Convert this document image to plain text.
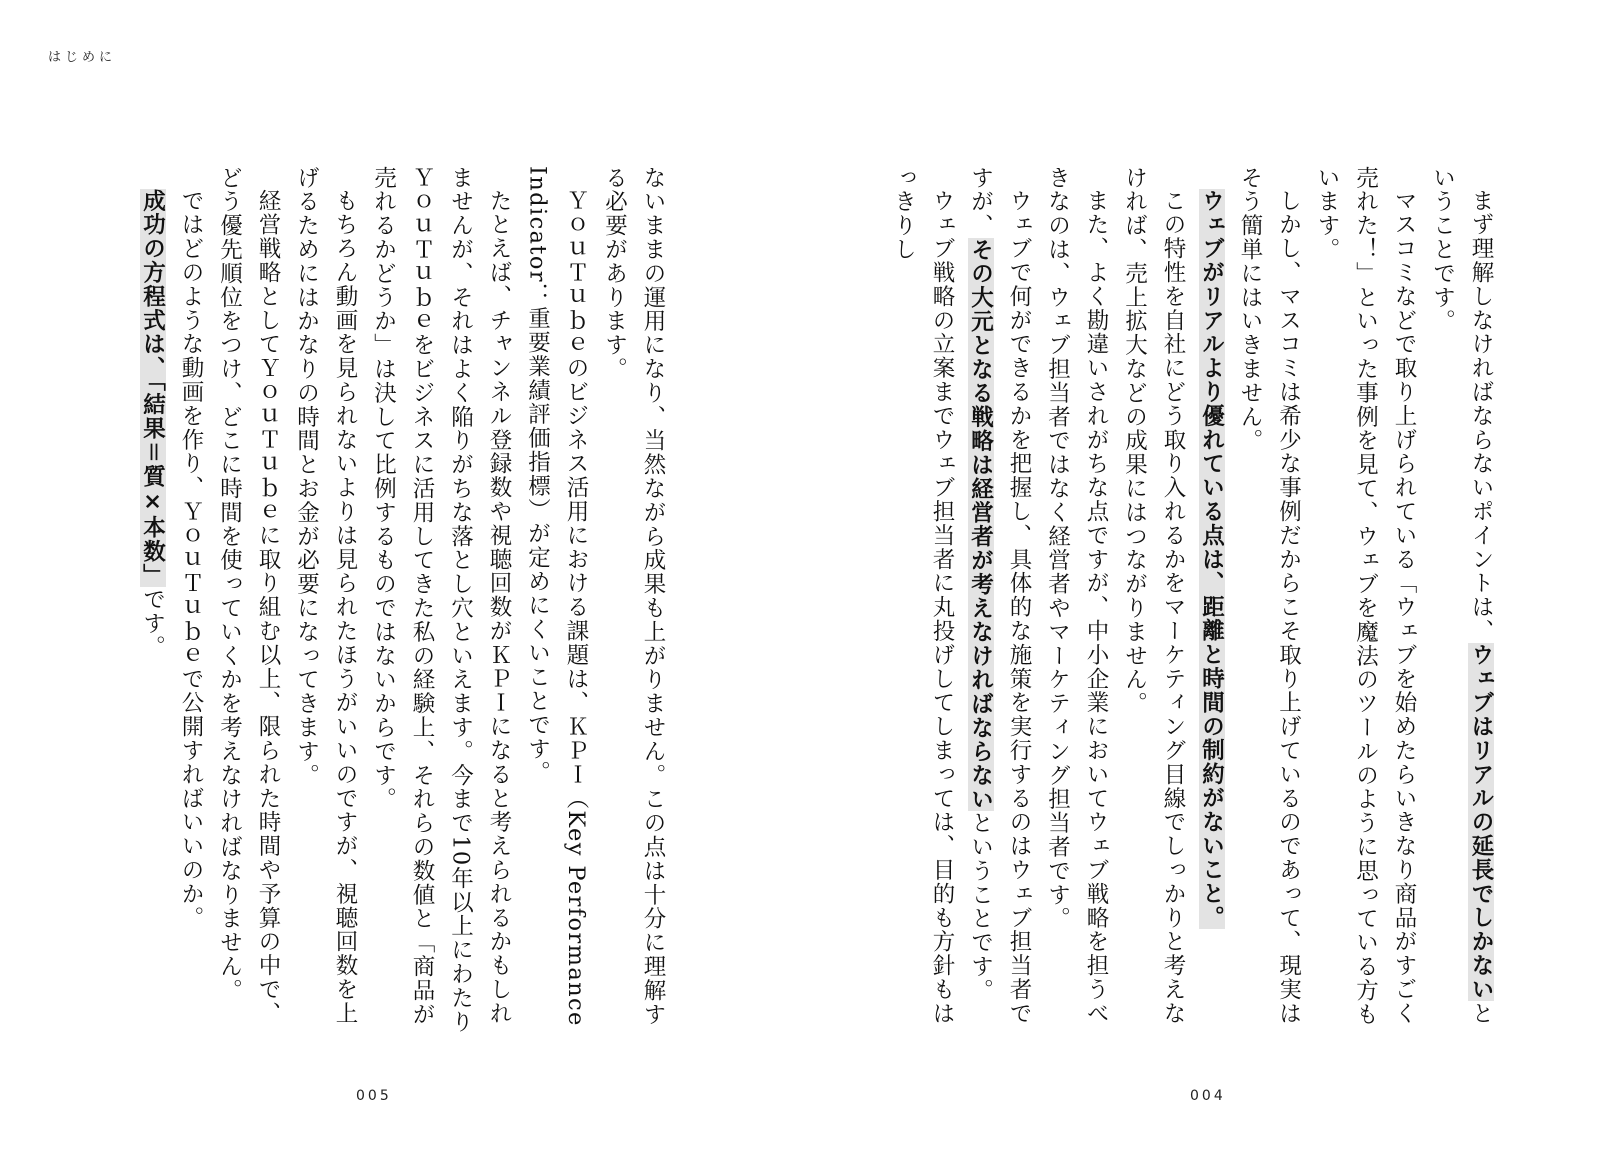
はじめに

まず理解しなければならないポイントは、ウェブはリアルの延長でしかないということです。

マスコミなどで取り上げられている「ウェブを始めたらいきなり商品がすごく売れた！」といった事例を見て、ウェブを魔法のツールのように思っている方もいます。

しかし、マスコミは希少な事例だからこそ取り上げているのであって、現実はそう簡単にはいきません。

ウェブがリアルより優れている点は、距離と時間の制約がないこと。

この特性を自社にどう取り入れるかをマーケティング目線でしっかりと考えなければ、売上拡大などの成果にはつながりません。

また、よく勘違いされがちな点ですが、中小企業においてウェブ戦略を担うべきなのは、ウェブ担当者ではなく経営者やマーケティング担当者です。

ウェブで何ができるかを把握し、具体的な施策を実行するのはウェブ担当者ですが、その大元となる戦略は経営者が考えなければならないということです。

ウェブ戦略の立案までウェブ担当者に丸投げしてしまっては、目的も方針もはっきりし

ないままの運用になり、当然ながら成果も上がりません。この点は十分に理解する必要があります。

ＹｏｕＴｕｂｅのビジネス活用における課題は、ＫＰＩ（Key Performance Indicator：重要業績評価指標）が定めにくいことです。

たとえば、チャンネル登録数や視聴回数がＫＰＩになると考えられるかもしれませんが、それはよく陥りがちな落とし穴といえます。今まで10年以上にわたりＹｏｕＴｕｂｅをビジネスに活用してきた私の経験上、それらの数値と「商品が売れるかどうか」は決して比例するものではないからです。

もちろん動画を見られないよりは見られたほうがいいのですが、視聴回数を上げるためにはかなりの時間とお金が必要になってきます。

経営戦略としてＹｏｕＴｕｂｅに取り組む以上、限られた時間や予算の中で、どう優先順位をつけ、どこに時間を使っていくかを考えなければなりません。

ではどのような動画を作り、ＹｏｕＴｕｂｅで公開すればいいのか。

成功の方程式は、「結果＝質×本数」です。

005	004
